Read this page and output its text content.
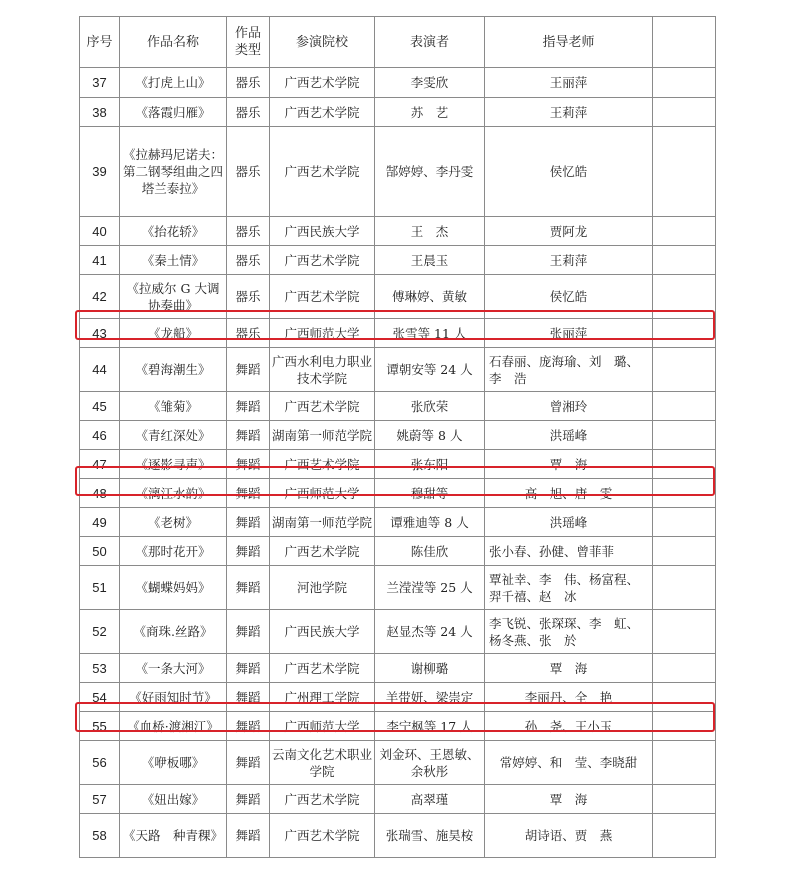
序号	作品名称	作品类型	参演院校	表演者	指导老师	
37	《打虎上山》	器乐	广西艺术学院	李雯欣	王丽萍	
38	《落霞归雁》	器乐	广西艺术学院	苏　艺	王莉萍	
39	《拉赫玛尼诺夫：第二钢琴组曲之四 塔兰泰拉》	器乐	广西艺术学院	郜婷婷、李丹雯	侯忆皓	
40	《抬花轿》	器乐	广西民族大学	王　杰	贾阿龙	
41	《秦土情》	器乐	广西艺术学院	王晨玉	王莉萍	
42	《拉威尔 G 大调协奏曲》	器乐	广西艺术学院	傅琳婷、黄敏	侯忆皓	
43	《龙船》	器乐	广西师范大学	张雪等 11 人	张丽萍	
44	《碧海潮生》	舞蹈	广西水利电力职业技术学院	谭朝安等 24 人	石春丽、庞海瑜、刘　璐、李　浩	
45	《雏菊》	舞蹈	广西艺术学院	张欣荣	曾湘玲	
46	《青红深处》	舞蹈	湖南第一师范学院	姚蔚等 8 人	洪瑶峰	
47	《逐影寻声》	舞蹈	广西艺术学院	张东阳	覃　海	
48	《漓江水韵》	舞蹈	广西师范大学	穆甜等	高　旭、唐　雯	
49	《老树》	舞蹈	湖南第一师范学院	谭雅迪等 8 人	洪瑶峰	
50	《那时花开》	舞蹈	广西艺术学院	陈佳欣	张小春、孙健、曾菲菲	
51	《蝴蝶妈妈》	舞蹈	河池学院	兰滢滢等 25 人	覃祉幸、李　伟、杨富程、羿千禧、赵　冰	
52	《商珠.丝路》	舞蹈	广西民族大学	赵显杰等 24 人	李飞锐、张琛琛、李　虹、杨冬燕、张　於	
53	《一条大河》	舞蹈	广西艺术学院	谢柳璐	覃　海	
54	《好雨知时节》	舞蹈	广州理工学院	羊带妍、梁崇定	李丽丹、全　艳	
55	《血桥·渡湘江》	舞蹈	广西师范大学	李宁枫等 17 人	孙　尧、王小玉	
56	《咿板哪》	舞蹈	云南文化艺术职业学院	刘金环、王恩敏、余秋彤	常婷婷、和　莹、李晓甜	
57	《妞出嫁》	舞蹈	广西艺术学院	高翠瑾	覃　海	
58	《天路　种青稞》	舞蹈	广西艺术学院	张瑞雪、施昊桉	胡诗语、贾　燕	
